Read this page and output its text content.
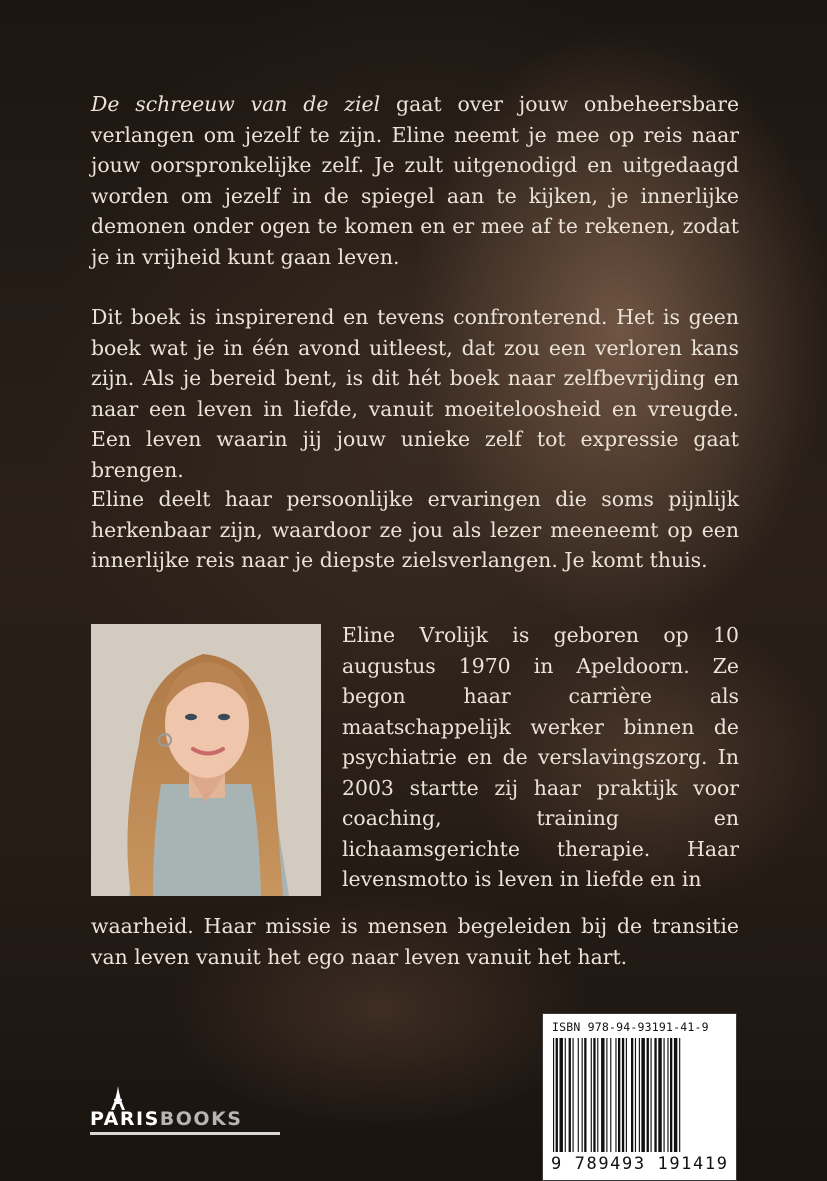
De schreeuw van de ziel gaat over jouw onbeheersbare verlangen om jezelf te zijn. Eline neemt je mee op reis naar jouw oorspronkelijke zelf. Je zult uitgenodigd en uitgedaagd worden om jezelf in de spiegel aan te kijken, je innerlijke demonen onder ogen te komen en er mee af te rekenen, zodat je in vrijheid kunt gaan leven.

Dit boek is inspirerend en tevens confronterend. Het is geen boek wat je in één avond uitleest, dat zou een verloren kans zijn. Als je bereid bent, is dit hét boek naar zelfbevrijding en naar een leven in liefde, vanuit moeiteloosheid en vreugde. Een leven waarin jij jouw unieke zelf tot expressie gaat brengen.

Eline deelt haar persoonlijke ervaringen die soms pijnlijk herkenbaar zijn, waardoor ze jou als lezer meeneemt op een innerlijke reis naar je diepste zielsverlangen. Je komt thuis.

Eline Vrolijk is geboren op 10 augustus 1970 in Apeldoorn. Ze begon haar carrière als maatschappelijk werker binnen de psychiatrie en de verslavingszorg. In 2003 startte zij haar praktijk voor coaching, training en lichaamsgerichte therapie. Haar levensmotto is leven in liefde en in

waarheid. Haar missie is mensen begeleiden bij de transitie van leven vanuit het ego naar leven vanuit het hart.

PARISBOOKS

ISBN 978-94-93191-41-9

9 789493 191419
